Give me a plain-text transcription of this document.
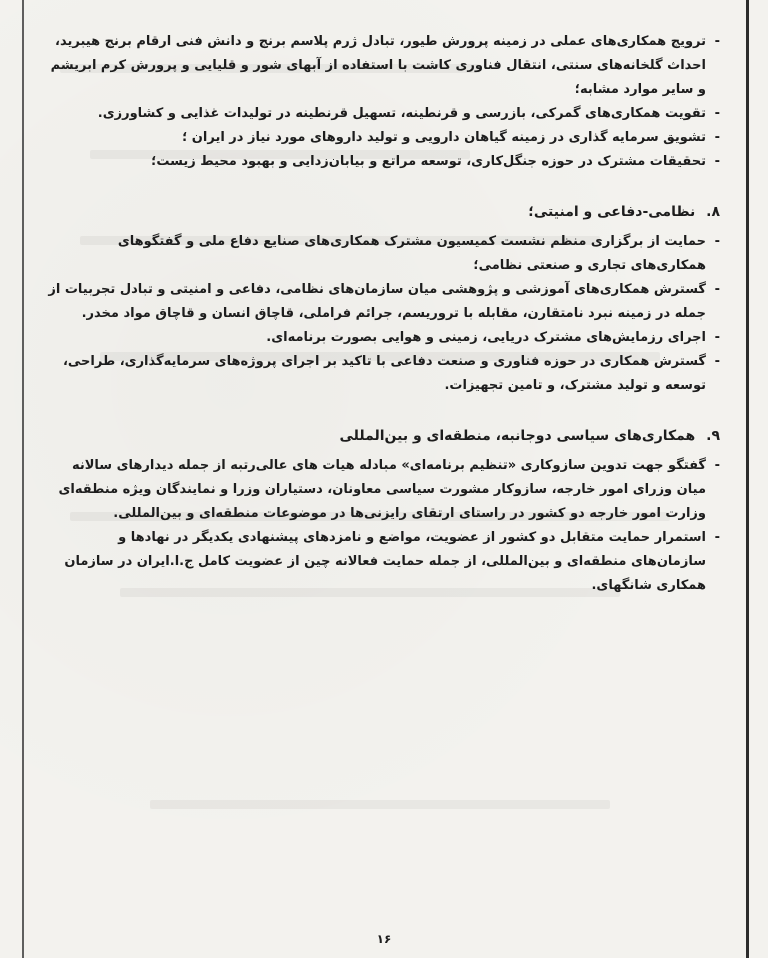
-
ترویج همکاری‌های عملی در زمینه پرورش طیور، تبادل ژرم پلاسم برنج و دانش فنی ارقام برنج هیبرید، احداث گلخانه‌های سنتی، انتقال فناوری کاشت با استفاده از آبهای شور و قلیایی و پرورش کرم ابریشم و سایر موارد مشابه؛

-
تقویت همکاری‌های گمرکی، بازرسی و قرنطینه، تسهیل قرنطینه در تولیدات غذایی و کشاورزی.

-
تشویق سرمایه گذاری در زمینه گیاهان دارویی و تولید داروهای مورد نیاز در ایران ؛

-
تحقیقات مشترک در حوزه جنگل‌کاری، توسعه مراتع و بیابان‌زدایی و بهبود محیط زیست؛

۸. نظامی-دفاعی و امنیتی؛

-
حمایت از برگزاری منظم نشست کمیسیون مشترک همکاری‌های صنایع دفاع ملی و گفتگوهای همکاری‌های تجاری و صنعتی نظامی؛

-
گسترش همکاری‌های آموزشی و پژوهشی میان سازمان‌های نظامی، دفاعی و امنیتی و تبادل تجربیات از جمله در زمینه نبرد نامتقارن، مقابله با تروریسم، جرائم فراملی، قاچاق انسان و قاچاق مواد مخدر.

-
اجرای رزمایش‌های مشترک دریایی، زمینی و هوایی بصورت برنامه‌ای.

-
گسترش همکاری در حوزه فناوری و صنعت دفاعی با تاکید بر اجرای پروژه‌های سرمایه‌گذاری، طراحی، توسعه و تولید مشترک، و تامین تجهیزات.

۹. همکاری‌های سیاسی دوجانبه، منطقه‌ای و بین‌المللی

-
گفتگو جهت تدوین سازوکاری «تنظیم برنامه‌ای» مبادله هیات های عالی‌رتبه از جمله دیدارهای سالانه میان وزرای امور خارجه، سازوکار مشورت سیاسی معاونان، دستیاران وزرا و نمایندگان ویژه منطقه‌ای وزارت امور خارجه دو کشور در راستای ارتقای رایزنی‌ها در موضوعات منطقه‌ای و بین‌المللی.

-
استمرار حمایت متقابل دو کشور از عضویت، مواضع و نامزدهای پیشنهادی یکدیگر در نهادها و سازمان‌های منطقه‌ای و بین‌المللی، از جمله حمایت فعالانه چین از عضویت کامل ج.ا.ایران در سازمان همکاری شانگهای.

۱۶
